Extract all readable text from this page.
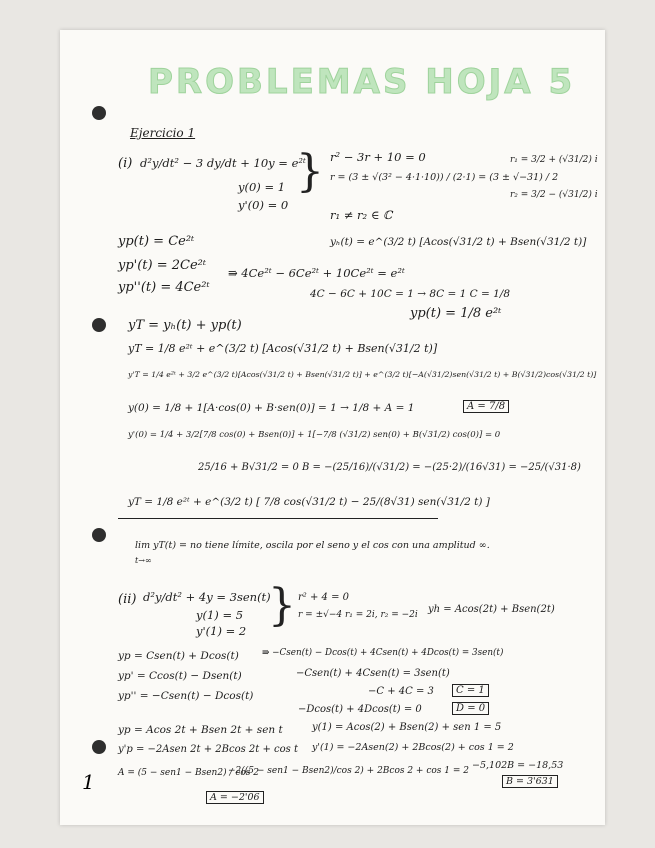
PROBLEMAS HOJA 5
Ejercicio 1
(i) d²y/dt² − 3 dy/dt + 10y = e²ᵗ
y(0) = 1
y'(0) = 0
} r² − 3r + 10 = 0
r = (3 ± √(3² − 4·1·10)) / (2·1) = (3 ± √−31) / 2
r₁ = 3/2 + (√31/2) i
r₂ = 3/2 − (√31/2) i
r₁ ≠ r₂ ∈ ℂ
yp(t) = Ce²ᵗ	yₕ(t) = e^(3/2 t) [Acos(√31/2 t) + Bsen(√31/2 t)]
yp'(t) = 2Ce²ᵗ ⇛ 4Ce²ᵗ − 6Ce²ᵗ + 10Ce²ᵗ = e²ᵗ
yp''(t) = 4Ce²ᵗ	4C − 6C + 10C = 1 → 8C = 1 C = 1/8
yp(t) = 1/8 e²ᵗ
yT = yₕ(t) + yp(t)
yT = 1/8 e²ᵗ + e^(3/2 t) [Acos(√31/2 t) + Bsen(√31/2 t)]
y'T = 1/4 e²ᵗ + 3/2 e^(3/2 t)[Acos(√31/2 t) + Bsen(√31/2 t)] + e^(3/2 t)[−A(√31/2)sen(√31/2 t) + B(√31/2)cos(√31/2 t)]
y(0) = 1/8 + 1[A·cos(0) + B·sen(0)] = 1 → 1/8 + A = 1	A = 7/8
y'(0) = 1/4 + 3/2[7/8 cos(0) + Bsen(0)] + 1[−7/8 (√31/2) sen(0) + B(√31/2) cos(0)] = 0
25/16 + B√31/2 = 0 B = −(25/16)/(√31/2) = −(25·2)/(16√31) = −25/(√31·8)
yT = 1/8 e²ᵗ + e^(3/2 t) [ 7/8 cos(√31/2 t) − 25/(8√31) sen(√31/2 t) ]
lim yT(t) = no tiene límite, oscila por el seno y el cos con una amplitud ∞.
t→∞
(ii) d²y/dt² + 4y = 3sen(t)
y(1) = 5
y'(1) = 2 } r² + 4 = 0
r = ±√−4 r₁ = 2i, r₂ = −2i yh = Acos(2t) + Bsen(2t)
yp = Csen(t) + Dcos(t)	⇛ −Csen(t) − Dcos(t) + 4Csen(t) + 4Dcos(t) = 3sen(t)
yp' = Ccos(t) − Dsen(t)	−Csen(t) + 4Csen(t) = 3sen(t)
yp'' = −Csen(t) − Dcos(t)	−C + 4C = 3	C = 1
−Dcos(t) + 4Dcos(t) = 0	D = 0
yp = Acos 2t + Bsen 2t + sen t	y(1) = Acos(2) + Bsen(2) + sen 1 = 5
y'p = −2Asen 2t + 2Bcos 2t + cos t y'(1) = −2Asen(2) + 2Bcos(2) + cos 1 = 2
A = (5 − sen1 − Bsen2) / cos 2
−2((5 − sen1 − Bsen2)/cos 2) + 2Bcos 2 + cos 1 = 2 −5,102B = −18,53
B = 3'631
A = −2'06
1
